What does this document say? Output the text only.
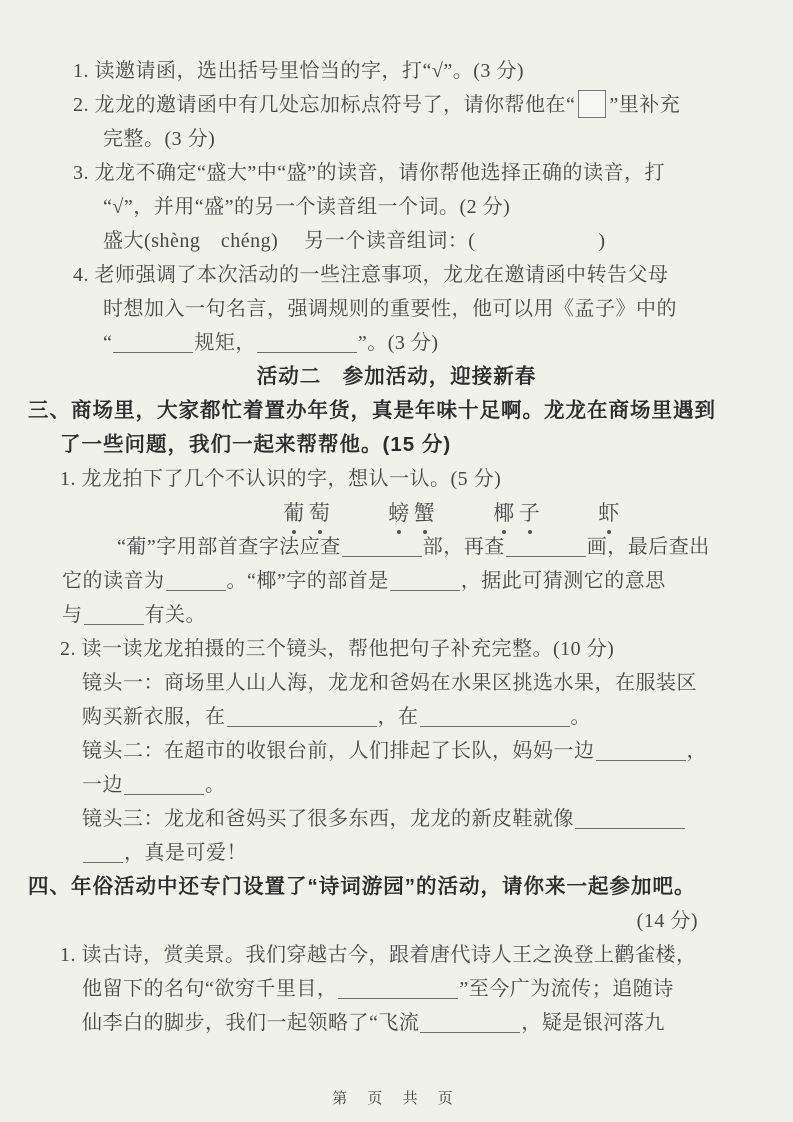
1. 读邀请函，选出括号里恰当的字，打“√”。(3 分)
2. 龙龙的邀请函中有几处忘加标点符号了，请你帮他在“ ”里补充
完整。(3 分)
3. 龙龙不确定“盛大”中“盛”的读音，请你帮他选择正确的读音，打
“√”，并用“盛”的另一个读音组一个词。(2 分)
盛大(shèng　chéng)　 另一个读音组词：(　　　　　　)
4. 老师强调了本次活动的一些注意事项，龙龙在邀请函中转告父母
时想加入一句名言，强调规则的重要性，他可以用《孟子》中的
“	规矩，	”。(3 分)
活动二　参加活动，迎接新春
三、商场里，大家都忙着置办年货，真是年味十足啊。龙龙在商场里遇到
了一些问题，我们一起来帮帮他。(15 分)
1. 龙龙拍下了几个不认识的字，想认一认。(5 分)
葡 萄	螃 蟹	椰 子	虾
“葡”字用部首查字法应查	部，再查	画，最后查出
它的读音为	。“椰”字的部首是	，据此可猜测它的意思
与	有关。
2. 读一读龙龙拍摄的三个镜头，帮他把句子补充完整。(10 分)
镜头一：商场里人山人海，龙龙和爸妈在水果区挑选水果，在服装区
购买新衣服，在	，在	。
镜头二：在超市的收银台前，人们排起了长队，妈妈一边	，
一边	。
镜头三：龙龙和爸妈买了很多东西，龙龙的新皮鞋就像
，真是可爱！
四、年俗活动中还专门设置了“诗词游园”的活动，请你来一起参加吧。
(14 分)
1. 读古诗，赏美景。我们穿越古今，跟着唐代诗人王之涣登上鹳雀楼，
他留下的名句“欲穷千里目，	”至今广为流传；追随诗
仙李白的脚步，我们一起领略了“飞流	，疑是银河落九
第 页 共 页
